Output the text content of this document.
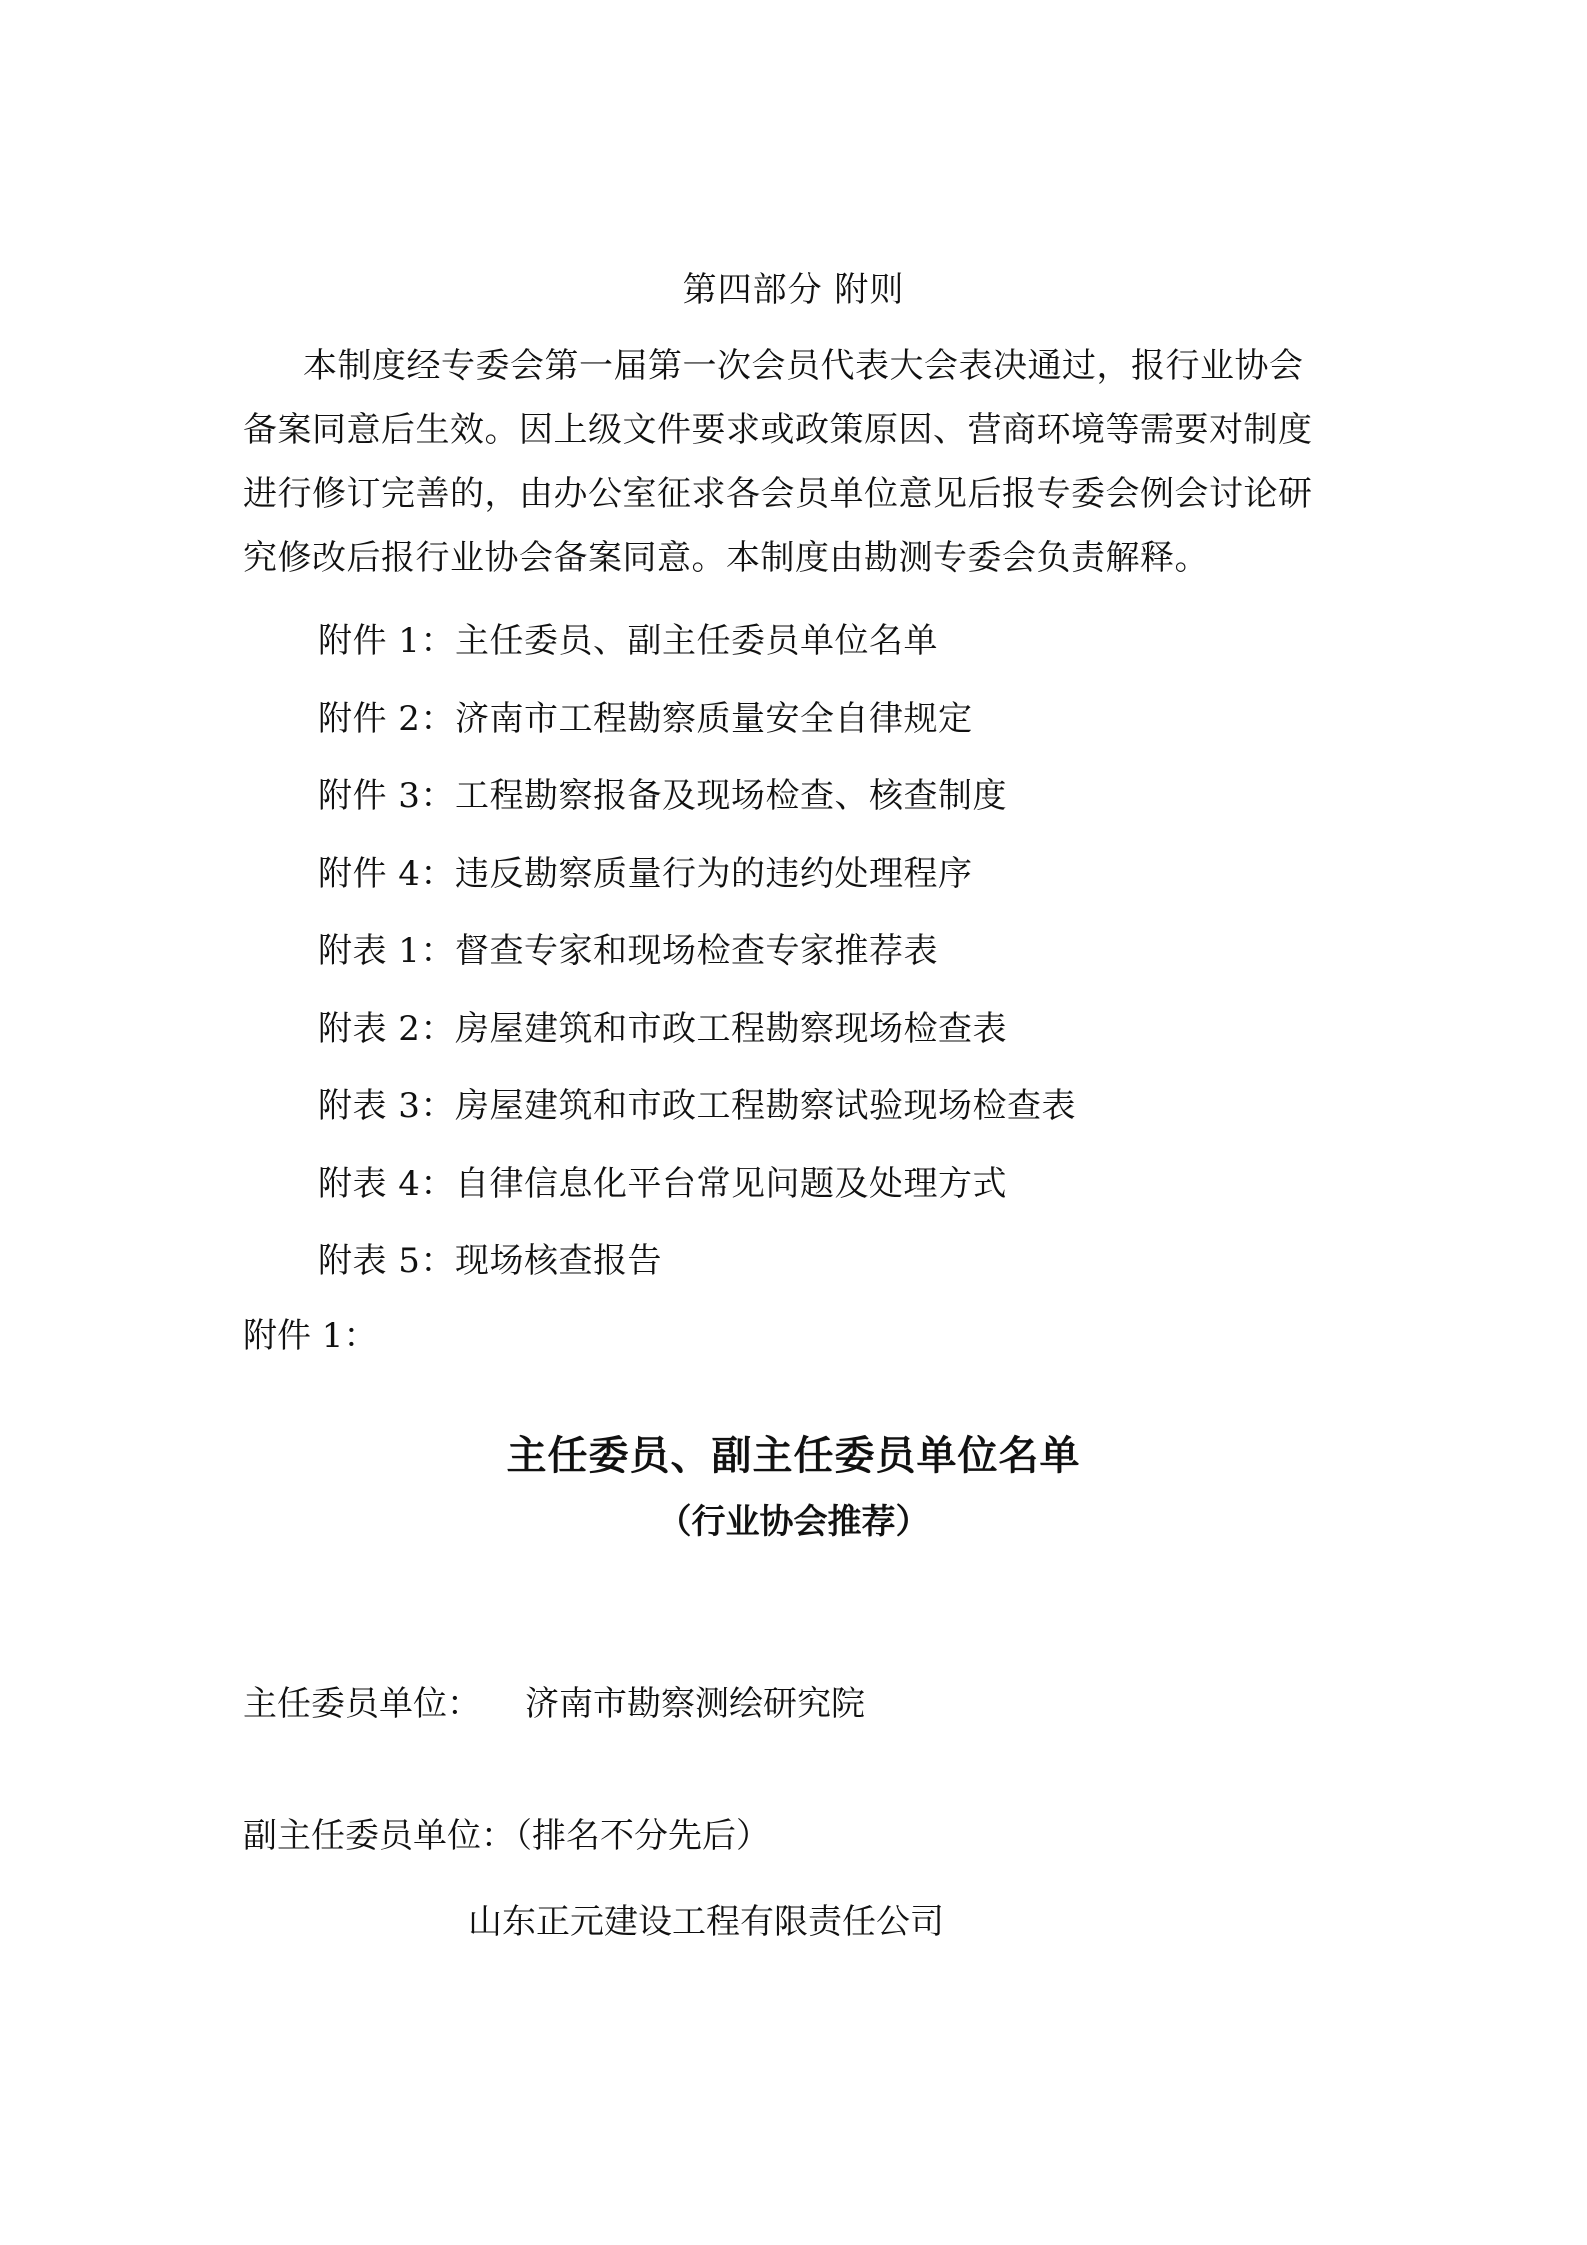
第四部分 附则
本制度经专委会第一届第一次会员代表大会表决通过，报行业协会
备案同意后生效。因上级文件要求或政策原因、营商环境等需要对制度
进行修订完善的，由办公室征求各会员单位意见后报专委会例会讨论研
究修改后报行业协会备案同意。本制度由勘测专委会负责解释。
附件 1：主任委员、副主任委员单位名单
附件 2：济南市工程勘察质量安全自律规定
附件 3：工程勘察报备及现场检查、核查制度
附件 4：违反勘察质量行为的违约处理程序
附表 1：督查专家和现场检查专家推荐表
附表 2：房屋建筑和市政工程勘察现场检查表
附表 3：房屋建筑和市政工程勘察试验现场检查表
附表 4：自律信息化平台常见问题及处理方式
附表 5：现场核查报告
附件 1：
主任委员、副主任委员单位名单
（行业协会推荐）
主任委员单位： 济南市勘察测绘研究院
副主任委员单位：（排名不分先后）
山东正元建设工程有限责任公司
